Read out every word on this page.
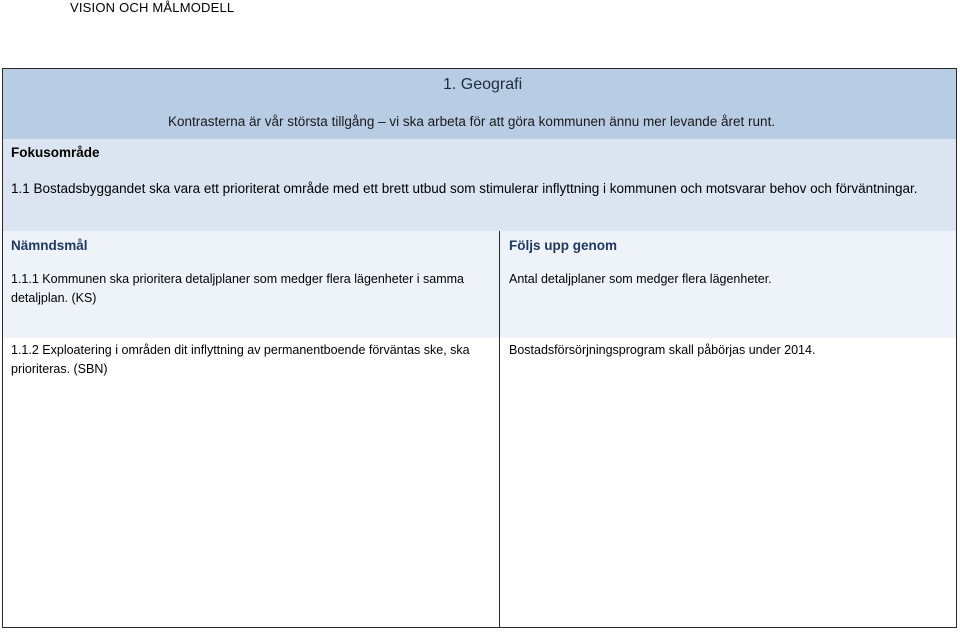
VISION OCH MÅLMODELL
1. Geografi
Kontrasterna är vår största tillgång – vi ska arbeta för att göra kommunen ännu mer levande året runt.
Fokusområde
1.1 Bostadsbyggandet ska vara ett prioriterat område med ett brett utbud som stimulerar inflyttning i kommunen och motsvarar behov och förväntningar.
Nämndsmål	Följs upp genom
1.1.1 Kommunen ska prioritera detaljplaner som medger flera lägenheter i samma detaljplan. (KS)
Antal detaljplaner som medger flera lägenheter.
1.1.2 Exploatering i områden dit inflyttning av permanentboende förväntas ske, ska prioriteras. (SBN)
Bostadsförsörjningsprogram skall påbörjas under 2014.
